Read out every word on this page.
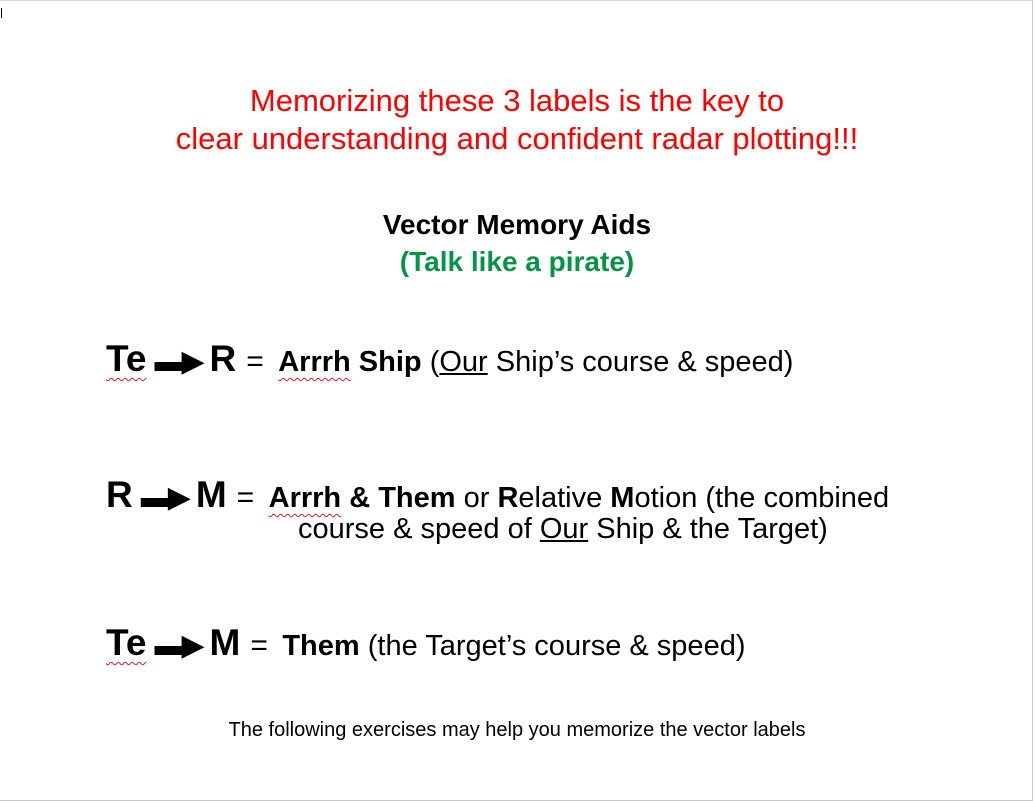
Memorizing these 3 labels is the key to
clear understanding and confident radar plotting!!!
Vector Memory Aids
(Talk like a pirate)
Te ▬▶ R = Arrrh Ship (Our Ship’s course & speed)
R ▬▶ M = Arrrh & Them or Relative Motion (the combined
course & speed of Our Ship & the Target)
Te ▬▶ M = Them (the Target’s course & speed)
The following exercises may help you memorize the vector labels
